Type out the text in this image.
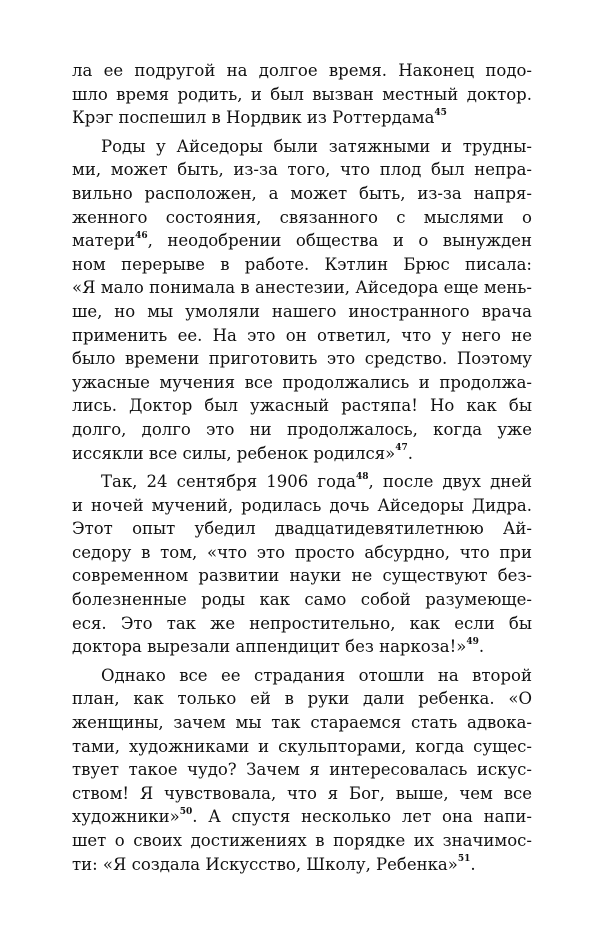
ла ее подругой на долгое время. Наконец подо-
шло время родить, и был вызван местный доктор.
Крэг поспешил в Нордвик из Роттердама$^{45}$
Роды у Айседоры были затяжными и трудны-
ми, может быть, из-за того, что плод был непра-
вильно расположен, а может быть, из-за напря-
женного состояния, связанного с мыслями о
матери$^{46}$, неодобрении общества и о вынужден
ном перерыве в работе. Кэтлин Брюс писала:
«Я мало понимала в анестезии, Айседора еще мень-
ше, но мы умоляли нашего иностранного врача
применить ее. На это он ответил, что у него не
было времени приготовить это средство. Поэтому
ужасные мучения все продолжались и продолжа-
лись. Доктор был ужасный растяпа! Но как бы
долго, долго это ни продолжалось, когда уже
иссякли все силы, ребенок родился»$^{47}$.
Так, 24 сентября 1906 года$^{48}$, после двух дней
и ночей мучений, родилась дочь Айседоры Дидра.
Этот опыт убедил двадцатидевятилетнюю Ай-
седору в том, «что это просто абсурдно, что при
современном развитии науки не существуют без-
болезненные роды как само собой разумеюще-
еся. Это так же непростительно, как если бы
доктора вырезали аппендицит без наркоза!»$^{49}$.
Однако все ее страдания отошли на второй
план, как только ей в руки дали ребенка. «О
женщины, зачем мы так стараемся стать адвока-
тами, художниками и скульпторами, когда сущес-
твует такое чудо? Зачем я интересовалась искус-
ством! Я чувствовала, что я Бог, выше, чем все
художники»$^{50}$. А спустя несколько лет она напи-
шет о своих достижениях в порядке их значимос-
ти: «Я создала Искусство, Школу, Ребенка»$^{51}$.
